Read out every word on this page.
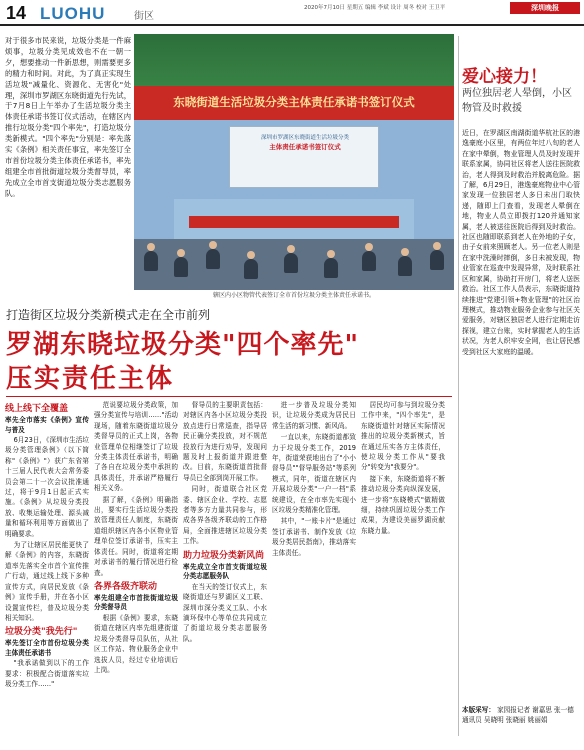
14 LUOHU	街区
2020年7月10日 星期五 编辑 李斌 设计 周冬 校对 王卫平	深圳晚报
对于很多市民来说，垃圾分类是一件麻烦事，垃圾分类见成效也不在一朝一夕，想要推动一件新思想，则需要更多的精力和时间。对此，为了真正实现生活垃圾"减量化、资源化、无害化"处理，深圳市罗湖区东晓街道先行先试，于7月8日上午举办了生活垃圾分类主体责任承诺书签订仪式活动，在辖区内推行垃圾分类"四个率先"，打造垃圾分类新模式。"四个率先"分别是：率先落实《条例》相关责任事宜，率先签订全市首份垃圾分类主体责任承诺书，率先组建全市首批街道垃圾分类督导员，率先成立全市首支街道垃圾分类志愿服务队。
东晓街道生活垃圾分类主体责任承诺书签订仪式
深圳市罗湖区东晓街道生活垃圾分类
主体责任承诺书签订仪式
辖区内小区物管代表签订全市首份垃圾分类主体责任承诺书。
爱心接力！
两位独居老人晕倒，小区物管及时救援
近日，在罗湖区南湖街道华杭社区的港逸豪庭小区里，有两位年过八旬的老人在家中晕倒，物业管理人员及时发现并联系家属，协同社区将老人送往医院救治，老人得到及时救治并脱离危险。据了解，6月29日，港逸豪庭物业中心管家发现一位独居老人多日未出门取快递，随即上门查看，发现老人晕倒在地，物业人员立即拨打120并通知家属，老人被送往医院后得到及时救治。社区也随即联系到老人在外地的子女，由子女前来照顾老人。另一位老人则是在家中洗澡时摔倒，多日未被发现，物业管家在巡查中发现异常，及时联系社区和家属，协助打开房门，将老人送医救治。社区工作人员表示，东晓街道持续推进"党建引领+物业管理"的社区治理模式，推动物业服务企业参与社区关爱服务，对辖区独居老人进行定期走访探视，建立台账，实时掌握老人的生活状况，为老人织牢安全网，也让居民感受到社区大家庭的温暖。
打造街区垃圾分类新模式走在全市前列
罗湖东晓垃圾分类"四个率先"
压实责任主体
线上线下全覆盖
率先全市落实《条例》宣传与普及

6月23日，《深圳市生活垃圾分类管理条例》（以下简称"《条例》"）获广东省第十三届人民代表大会常务委员会第二十一次会议批准通过，将于9月1日起正式实施。《条例》从垃圾分类投放、收集运输处理、源头减量和循环利用等方面做出了明确要求。

为了让辖区居民能更快了解《条例》的内容，东晓街道率先落实全市首个宣传推广行动，通过线上线下多种宣传方式，向居民发放《条例》宣传手册，并在各小区设置宣传栏，普及垃圾分类相关知识。

垃圾分类"我先行"
率先签订全市首份垃圾分类主体责任承诺书

"我承诺做到以下的工作要求：积极配合街道落实垃圾分类工作……"

范说要垃圾分类政策，加强分类宣传与培训……"活动现场，随着东晓街道垃圾分类督导员的正式上岗，各物业管理单位相继签订了垃圾分类主体责任承诺书，明确了各自在垃圾分类中承担的具体责任，并承诺严格履行相关义务。

据了解，《条例》明确指出，要实行生活垃圾分类投放管理责任人制度，东晓街道组织辖区内各小区物业管理单位签订承诺书，压实主体责任。同时，街道将定期对承诺书的履行情况进行检查。

各界各级齐联动
率先组建全市首批街道垃圾分类督导员

根据《条例》要求，东晓街道在辖区内率先组建街道垃圾分类督导员队伍，从社区工作站、物业服务企业中选拔人员，经过专业培训后上岗。

督导员的主要职责包括：对辖区内各小区垃圾分类投放点进行日常巡查，指导居民正确分类投放，对不规范投放行为进行劝导，发现问题及时上报街道并跟进整改。目前，东晓街道首批督导员已全部到岗开展工作。

同时，街道联合社区党委、辖区企业、学校、志愿者等多方力量共同参与，形成各界各级齐联动的工作格局，全面推进辖区垃圾分类工作。

助力垃圾分类新风尚
率先成立全市首支街道垃圾分类志愿服务队

在当天的签订仪式上，东晓街道还与罗湖区义工联、深圳市深分类义工队、小水滴环保中心等单位共同成立了街道垃圾分类志愿服务队。

进一步普及垃圾分类知识，让垃圾分类成为居民日常生活的新习惯、新风尚。

一直以来，东晓街道都致力于垃圾分类工作，2019年，街道荣获地出台了"小小督导员""督导服务站"等系列模式，同年，街道在辖区内开展垃圾分类"一户一档"系统建设，在全市率先实现小区垃圾分类精准化管理。

其中，"一账卡片"是通过签订承诺书、制作发放《垃圾分类居民指南》，推动落实主体责任。

居民均可参与到垃圾分类工作中来，"四个率先"，是东晓街道针对辖区实际情况推出的垃圾分类新模式，旨在通过压实各方主体责任，使垃圾分类工作从"要我分"转变为"我要分"。

接下来，东晓街道将不断推动垃圾分类向纵深发展，进一步将"东晓模式"做精做细，持续巩固垃圾分类工作成果，为建设美丽罗湖贡献东晓力量。

本版采写： 家园报记者 谢嘉思 张一德 通讯员 吴晓明 张晓丽 姚丽娟
